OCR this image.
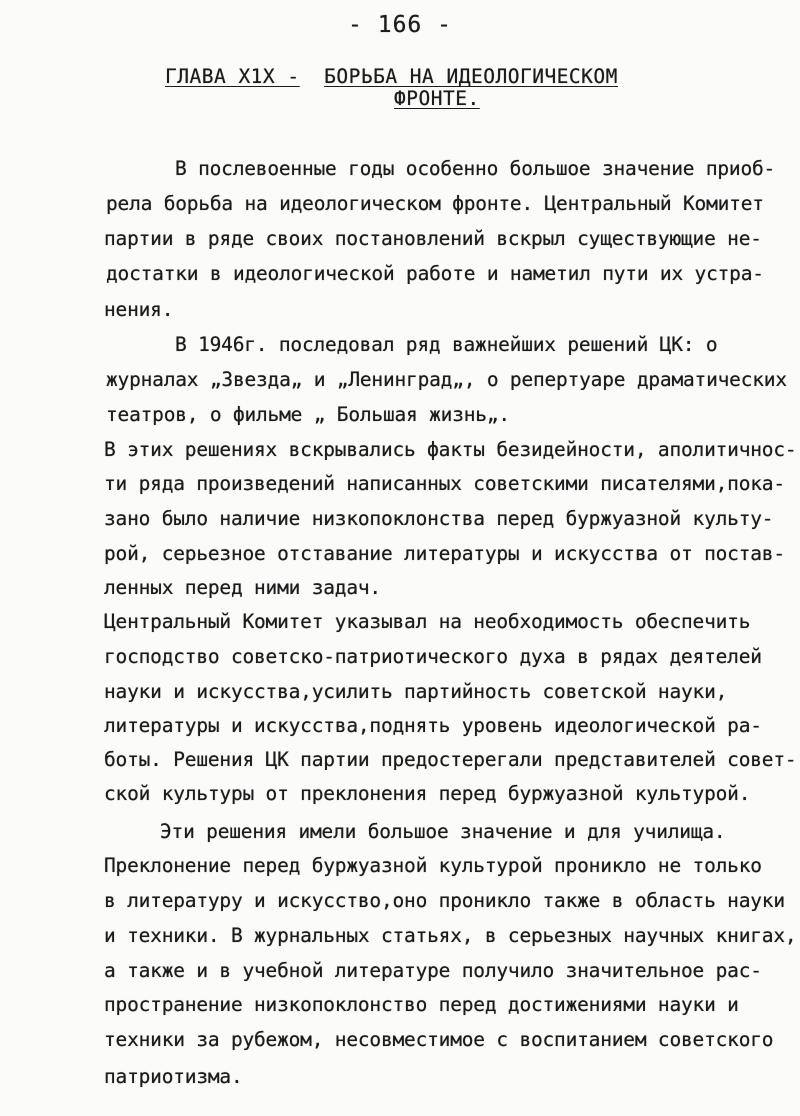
- 166 -
ГЛАВА Х1Х - БОРЬБА НА ИДЕОЛОГИЧЕСКОМ
ФРОНТЕ.
В послевоенные годы особенно большое значение приоб-
рела борьба на идеологическом фронте. Центральный Комитет
партии в ряде своих постановлений вскрыл существующие не-
достатки в идеологической работе и наметил пути их устра-
нения.
В 1946г. последовал ряд важнейших решений ЦК: о
журналах „Звезда„ и „Ленинград„, о репертуаре драматических
театров, о фильме „ Большая жизнь„.
В этих решениях вскрывались факты безидейности, аполитичнос-
ти ряда произведений написанных советскими писателями,пока-
зано было наличие низкопоклонства перед буржуазной культу-
рой, серьезное отставание литературы и искусства от постав-
ленных перед ними задач.
Центральный Комитет указывал на необходимость обеспечить
господство советско-патриотического духа в рядах деятелей
науки и искусства,усилить партийность советской науки,
литературы и искусства,поднять уровень идеологической ра-
боты. Решения ЦК партии предостерегали представителей совет-
ской культуры от преклонения перед буржуазной культурой.
Эти решения имели большое значение и для училища.
Преклонение перед буржуазной культурой проникло не только
в литературу и искусство,оно проникло также в область науки
и техники. В журнальных статьях, в серьезных научных книгах,
а также и в учебной литературе получило значительное рас-
пространение низкопоклонство перед достижениями науки и
техники за рубежом, несовместимое с воспитанием советского
патриотизма.
